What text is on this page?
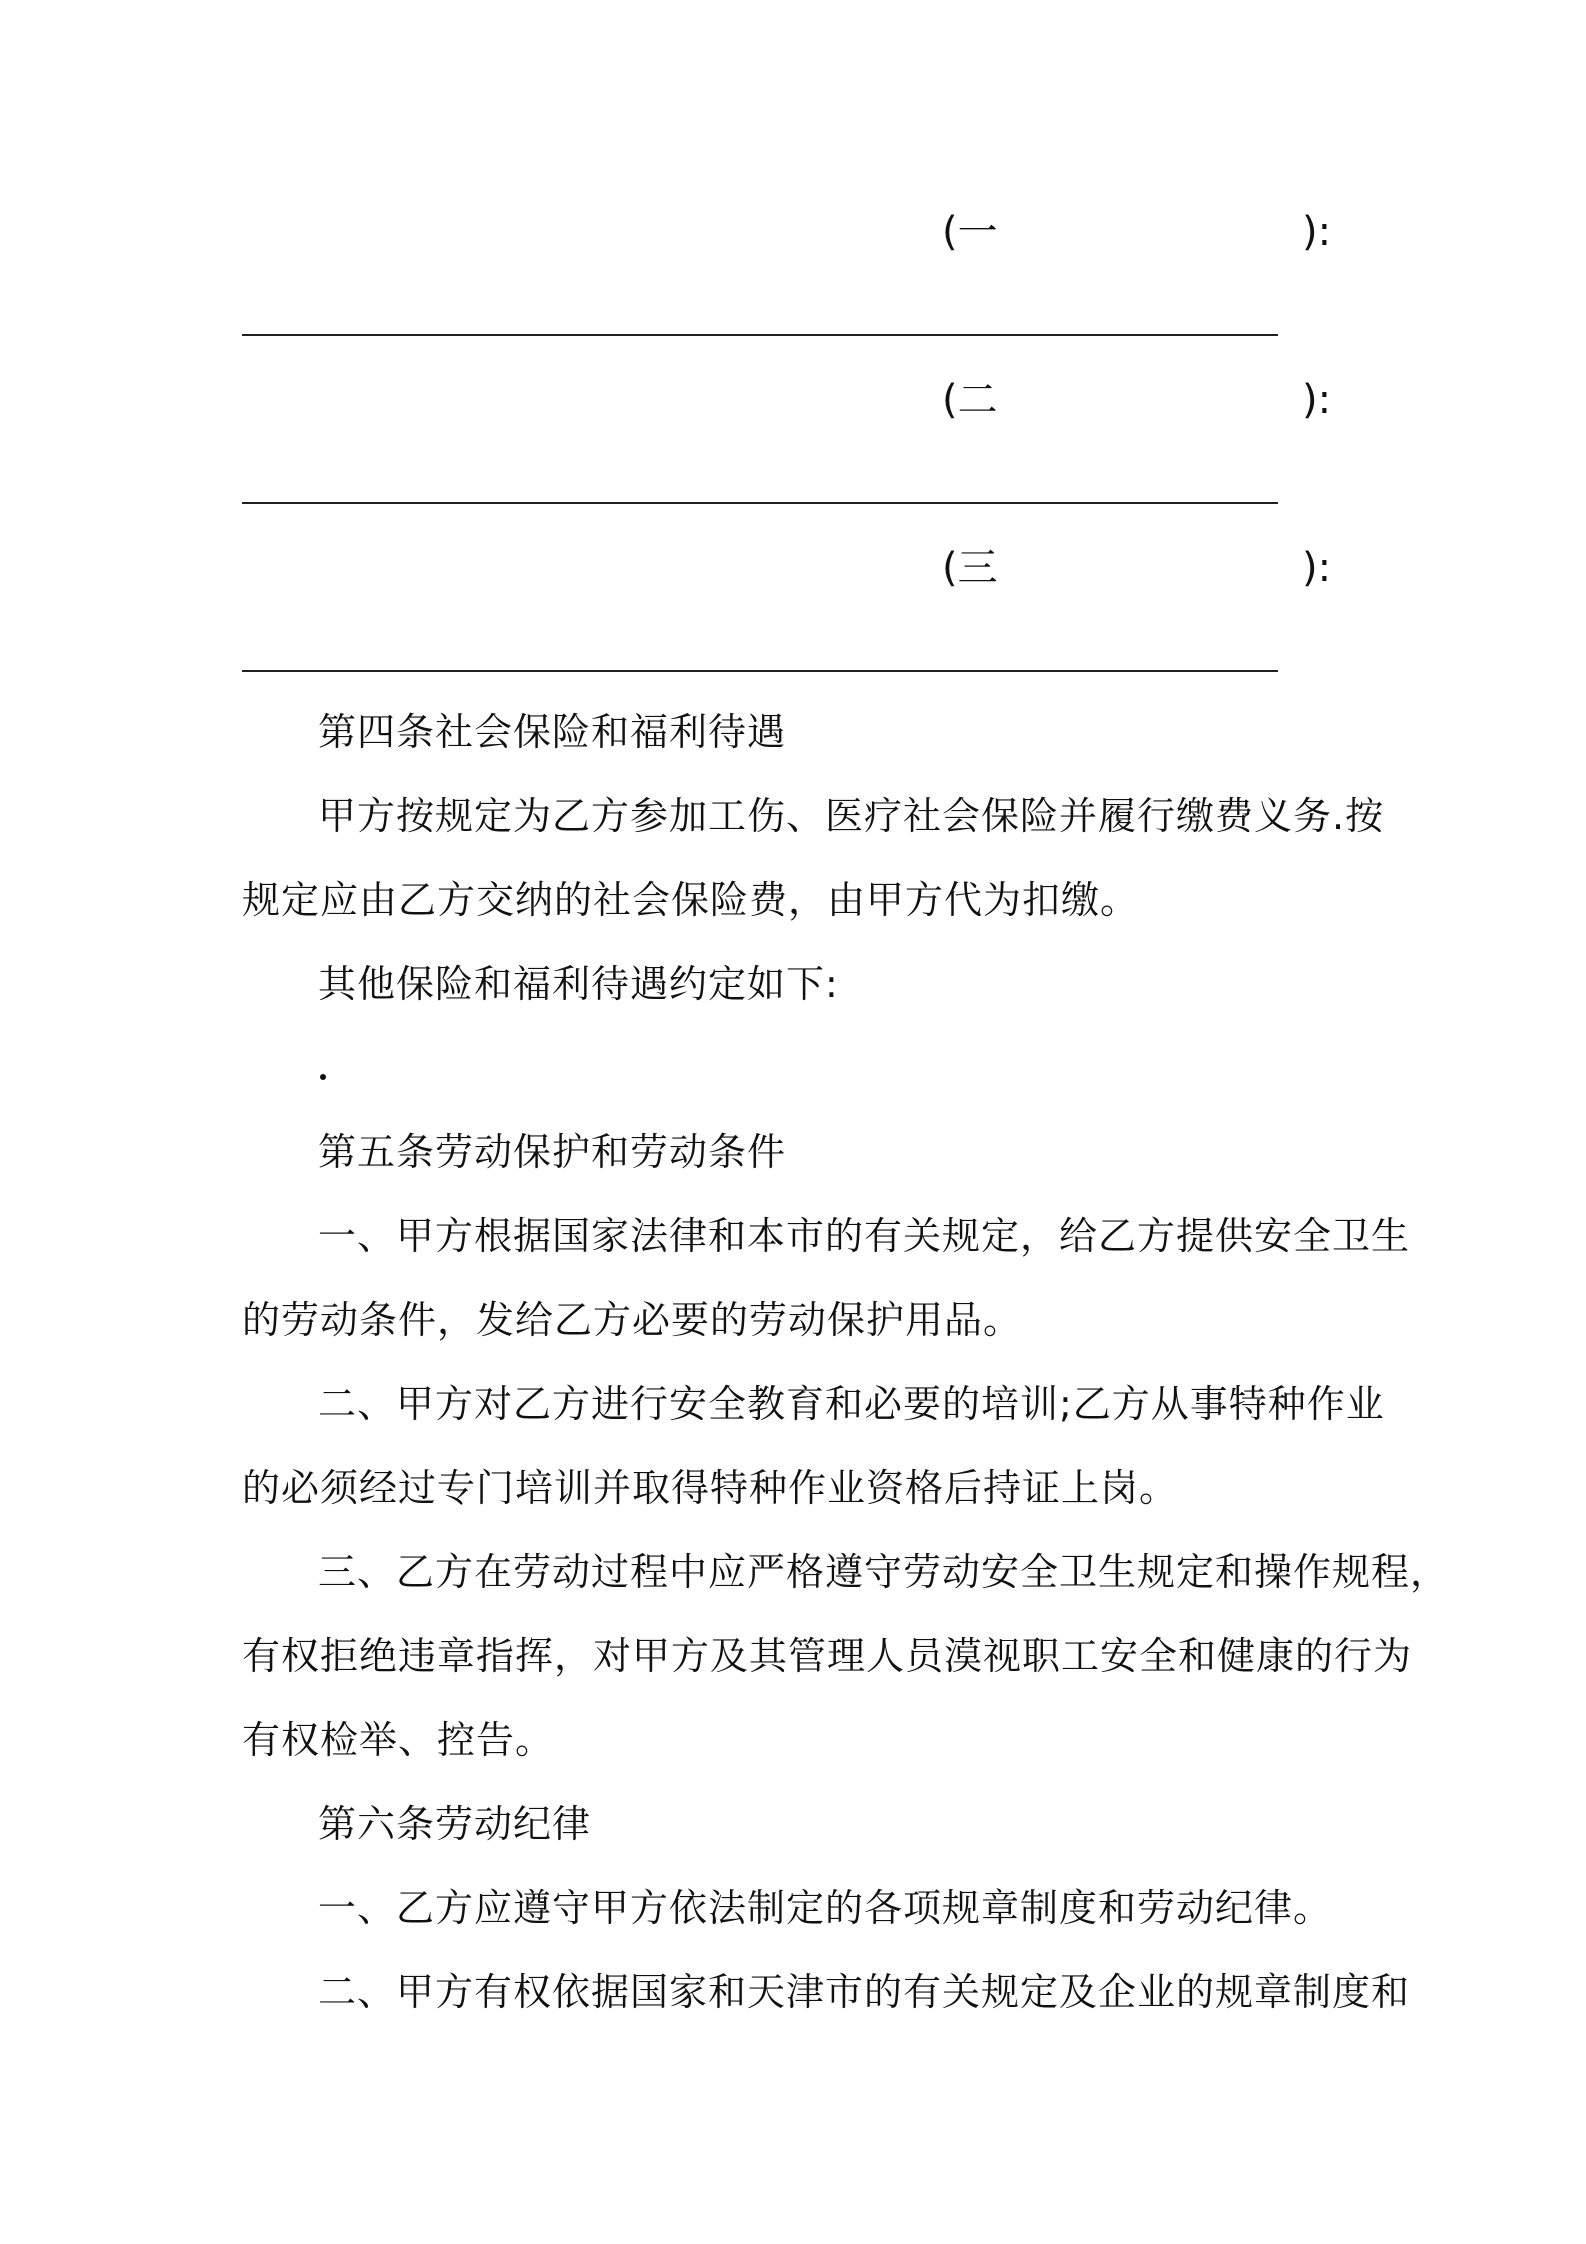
(一	):
(二	):
(三	):
第四条社会保险和福利待遇
甲方按规定为乙方参加工伤、医疗社会保险并履行缴费义务.按
规定应由乙方交纳的社会保险费，由甲方代为扣缴。
其他保险和福利待遇约定如下:
第五条劳动保护和劳动条件
一、甲方根据国家法律和本市的有关规定，给乙方提供安全卫生
的劳动条件，发给乙方必要的劳动保护用品。
二、甲方对乙方进行安全教育和必要的培训;乙方从事特种作业
的必须经过专门培训并取得特种作业资格后持证上岗。
三、乙方在劳动过程中应严格遵守劳动安全卫生规定和操作规程，
有权拒绝违章指挥，对甲方及其管理人员漠视职工安全和健康的行为
有权检举、控告。
第六条劳动纪律
一、乙方应遵守甲方依法制定的各项规章制度和劳动纪律。
二、甲方有权依据国家和天津市的有关规定及企业的规章制度和
